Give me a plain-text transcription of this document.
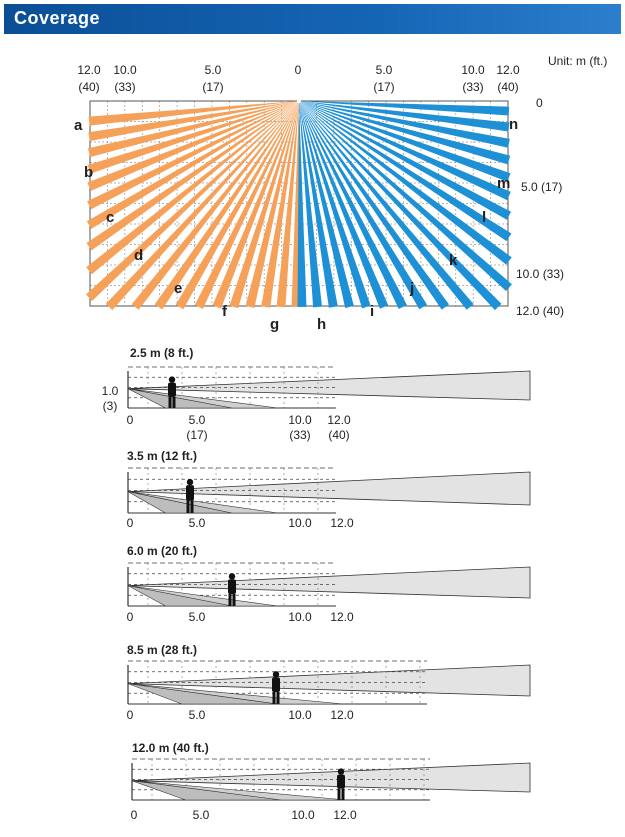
Coverage
Unit: m (ft.)
12.0
(40)
10.0
(33)
5.0
(17)
0	5.0
(17)
10.0
(33)
12.0
(40)
0
5.0 (17)
10.0 (33)
12.0 (40)
a
b
c
d
e
f
g	h
i
j
k
l
m
n
2.5 m (8 ft.)
1.0
(3)
0	5.0
(17)
10.0
(33)
12.0
(40)
3.5 m (12 ft.)
0	5.0	10.0 12.0
6.0 m (20 ft.)
0	5.0	10.0 12.0
8.5 m (28 ft.)
0	5.0	10.0 12.0
12.0 m (40 ft.)
0	5.0	10.0 12.0
